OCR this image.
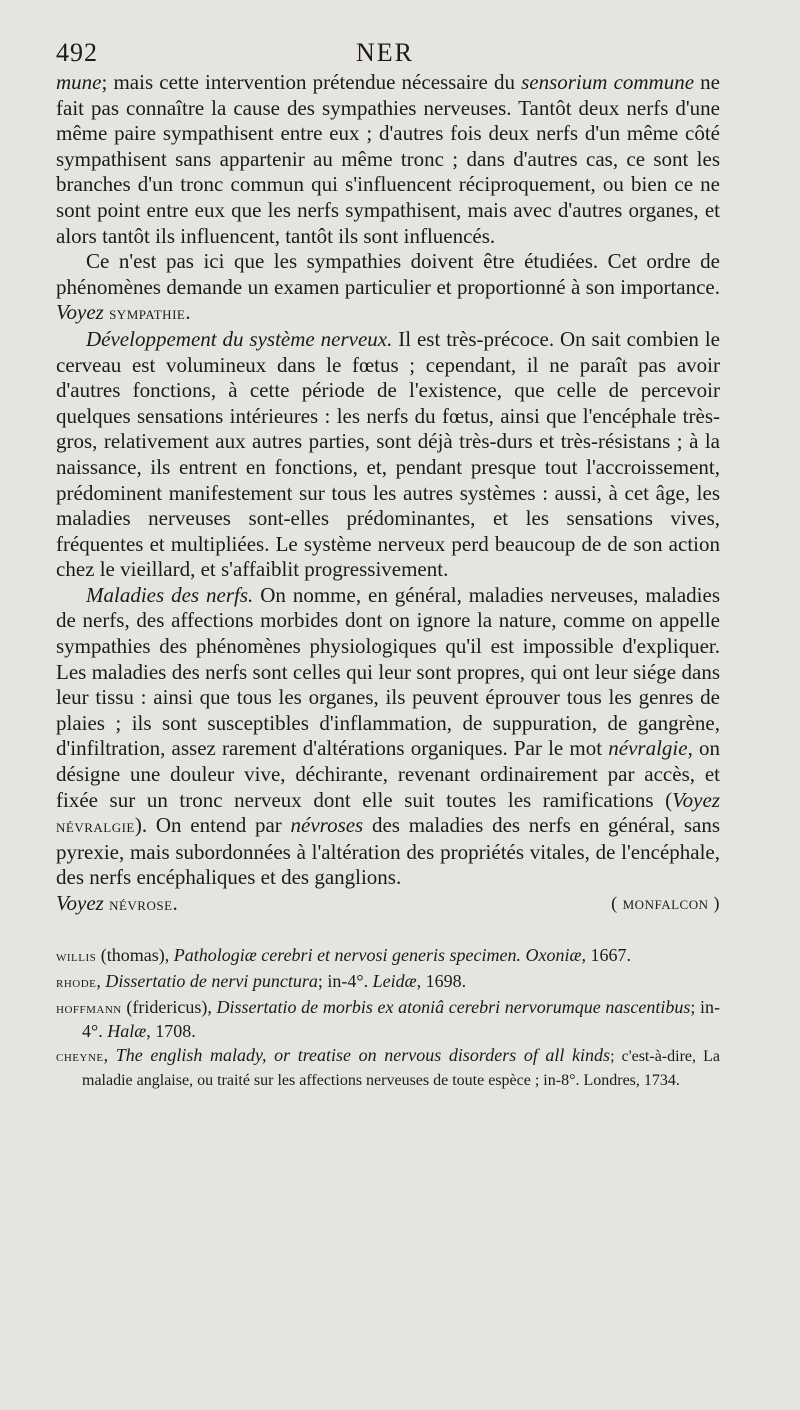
492	NER

mune; mais cette intervention prétendue nécessaire du sensorium commune ne fait pas connaître la cause des sympathies nerveuses. Tantôt deux nerfs d'une même paire sympathisent entre eux ; d'autres fois deux nerfs d'un même côté sympathisent sans appartenir au même tronc ; dans d'autres cas, ce sont les branches d'un tronc commun qui s'influencent réciproquement, ou bien ce ne sont point entre eux que les nerfs sympathisent, mais avec d'autres organes, et alors tantôt ils influencent, tantôt ils sont influencés.

Ce n'est pas ici que les sympathies doivent être étudiées. Cet ordre de phénomènes demande un examen particulier et proportionné à son importance. Voyez sympathie.

Développement du système nerveux. Il est très-précoce. On sait combien le cerveau est volumineux dans le fœtus ; cependant, il ne paraît pas avoir d'autres fonctions, à cette période de l'existence, que celle de percevoir quelques sensations intérieures : les nerfs du fœtus, ainsi que l'encéphale très-gros, relativement aux autres parties, sont déjà très-durs et très-résistans ; à la naissance, ils entrent en fonctions, et, pendant presque tout l'accroissement, prédominent manifestement sur tous les autres systèmes : aussi, à cet âge, les maladies nerveuses sont-elles prédominantes, et les sensations vives, fréquentes et multipliées. Le système nerveux perd beaucoup de de son action chez le vieillard, et s'affaiblit progressivement.

Maladies des nerfs. On nomme, en général, maladies nerveuses, maladies de nerfs, des affections morbides dont on ignore la nature, comme on appelle sympathies des phénomènes physiologiques qu'il est impossible d'expliquer. Les maladies des nerfs sont celles qui leur sont propres, qui ont leur siége dans leur tissu : ainsi que tous les organes, ils peuvent éprouver tous les genres de plaies ; ils sont susceptibles d'inflammation, de suppuration, de gangrène, d'infiltration, assez rarement d'altérations organiques. Par le mot névralgie, on désigne une douleur vive, déchirante, revenant ordinairement par accès, et fixée sur un tronc nerveux dont elle suit toutes les ramifications (Voyez névralgie). On entend par névroses des maladies des nerfs en général, sans pyrexie, mais subordonnées à l'altération des propriétés vitales, de l'encéphale, des nerfs encéphaliques et des ganglions.

Voyez névrose.	( monfalcon )

willis (thomas), Pathologiæ cerebri et nervosi generis specimen. Oxoniæ, 1667.

rhode, Dissertatio de nervi punctura; in-4°. Leidæ, 1698.

hoffmann (fridericus), Dissertatio de morbis ex atoniâ cerebri nervorumque nascentibus; in-4°. Halæ, 1708.

cheyne, The english malady, or treatise on nervous disorders of all kinds; c'est-à-dire, La maladie anglaise, ou traité sur les affections nerveuses de toute espèce ; in-8°. Londres, 1734.
